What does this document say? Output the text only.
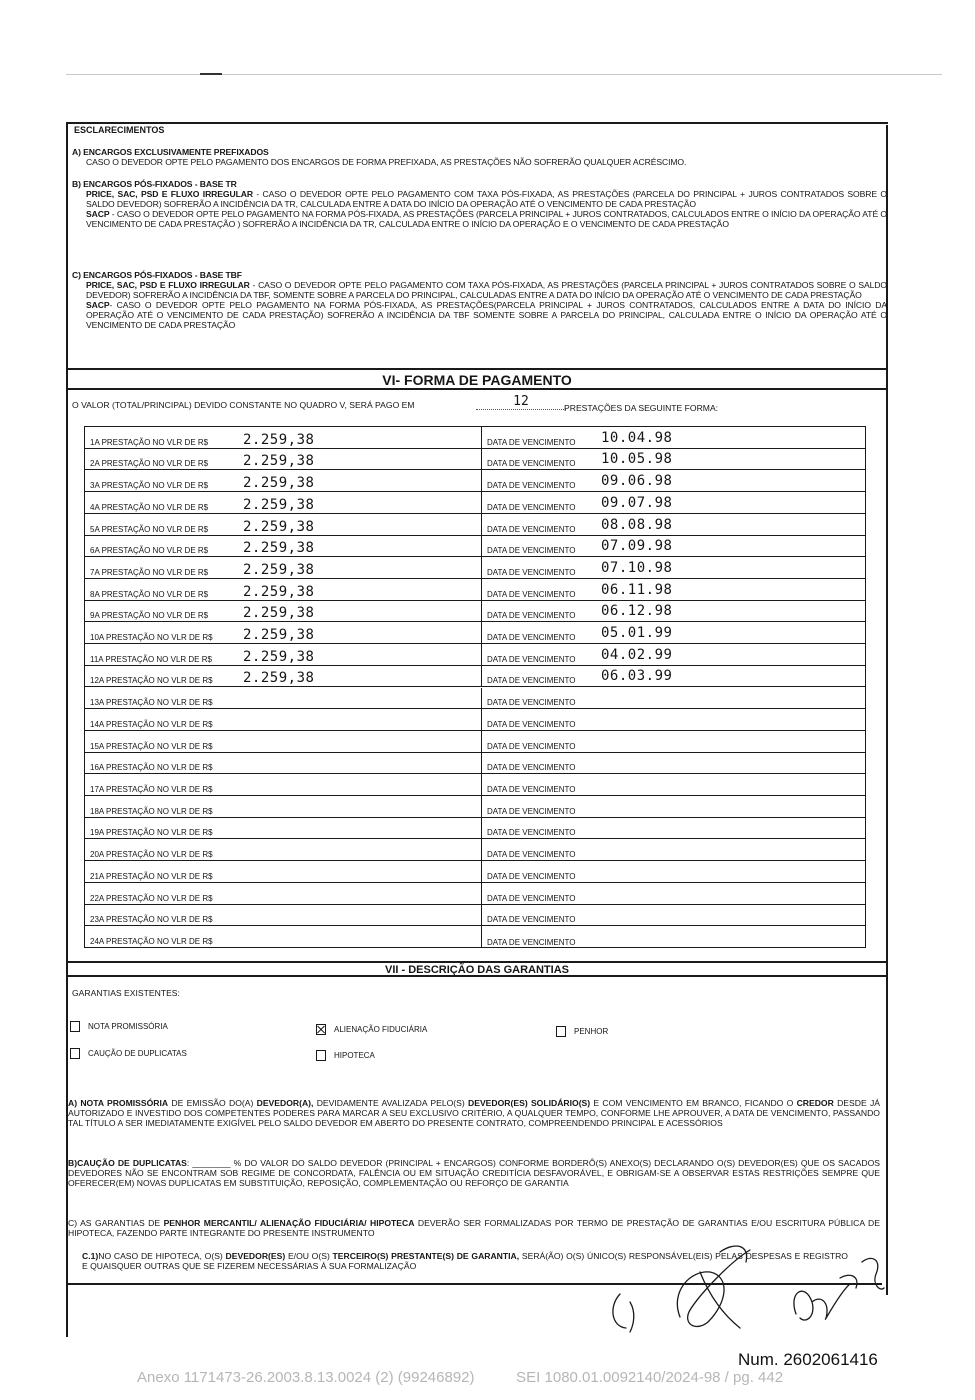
ESCLARECIMENTOS

A) ENCARGOS EXCLUSIVAMENTE PREFIXADOS

CASO O DEVEDOR OPTE PELO PAGAMENTO DOS ENCARGOS DE FORMA PREFIXADA, AS PRESTAÇÕES NÃO SOFRERÃO QUALQUER ACRÉSCIMO.

B) ENCARGOS PÓS-FIXADOS - BASE TR

PRICE, SAC, PSD E FLUXO IRREGULAR - CASO O DEVEDOR OPTE PELO PAGAMENTO COM TAXA PÓS-FIXADA, AS PRESTAÇÕES (PARCELA DO PRINCIPAL + JUROS CONTRATADOS SOBRE O SALDO DEVEDOR) SOFRERÃO A INCIDÊNCIA DA TR, CALCULADA ENTRE A DATA DO INÍCIO DA OPERAÇÃO ATÉ O VENCIMENTO DE CADA PRESTAÇÃO

SACP - CASO O DEVEDOR OPTE PELO PAGAMENTO NA FORMA PÓS-FIXADA, AS PRESTAÇÕES (PARCELA PRINCIPAL + JUROS CONTRATADOS, CALCULADOS ENTRE O INÍCIO DA OPERAÇÃO ATÉ O VENCIMENTO DE CADA PRESTAÇÃO ) SOFRERÃO A INCIDÊNCIA DA TR, CALCULADA ENTRE O INÍCIO DA OPERAÇÃO E O VENCIMENTO DE CADA PRESTAÇÃO

C) ENCARGOS PÓS-FIXADOS - BASE TBF

PRICE, SAC, PSD E FLUXO IRREGULAR - CASO O DEVEDOR OPTE PELO PAGAMENTO COM TAXA PÓS-FIXADA, AS PRESTAÇÕES (PARCELA PRINCIPAL + JUROS CONTRATADOS SOBRE O SALDO DEVEDOR) SOFRERÃO A INCIDÊNCIA DA TBF, SOMENTE SOBRE A PARCELA DO PRINCIPAL, CALCULADAS ENTRE A DATA DO INÍCIO DA OPERAÇÃO ATÉ O VENCIMENTO DE CADA PRESTAÇÃO

SACP- CASO O DEVEDOR OPTE PELO PAGAMENTO NA FORMA PÓS-FIXADA, AS PRESTAÇÕES(PARCELA PRINCIPAL + JUROS CONTRATADOS, CALCULADOS ENTRE A DATA DO INÍCIO DA OPERAÇÃO ATÉ O VENCIMENTO DE CADA PRESTAÇÃO) SOFRERÃO A INCIDÊNCIA DA TBF SOMENTE SOBRE A PARCELA DO PRINCIPAL, CALCULADA ENTRE O INÍCIO DA OPERAÇÃO ATÉ O VENCIMENTO DE CADA PRESTAÇÃO

VI- FORMA DE PAGAMENTO
O VALOR (TOTAL/PRINCIPAL) DEVIDO CONSTANTE NO QUADRO V, SERÁ PAGO EM	12	PRESTAÇÕES DA SEGUINTE FORMA:
1A PRESTAÇÃO NO VLR DE R$ 2.259,38	DATA DE VENCIMENTO 10.04.98
2A PRESTAÇÃO NO VLR DE R$ 2.259,38	DATA DE VENCIMENTO 10.05.98
3A PRESTAÇÃO NO VLR DE R$ 2.259,38	DATA DE VENCIMENTO 09.06.98
4A PRESTAÇÃO NO VLR DE R$ 2.259,38	DATA DE VENCIMENTO 09.07.98
5A PRESTAÇÃO NO VLR DE R$ 2.259,38	DATA DE VENCIMENTO 08.08.98
6A PRESTAÇÃO NO VLR DE R$ 2.259,38	DATA DE VENCIMENTO 07.09.98
7A PRESTAÇÃO NO VLR DE R$ 2.259,38	DATA DE VENCIMENTO 07.10.98
8A PRESTAÇÃO NO VLR DE R$ 2.259,38	DATA DE VENCIMENTO 06.11.98
9A PRESTAÇÃO NO VLR DE R$ 2.259,38	DATA DE VENCIMENTO 06.12.98
10A PRESTAÇÃO NO VLR DE R$ 2.259,38	DATA DE VENCIMENTO 05.01.99
11A PRESTAÇÃO NO VLR DE R$ 2.259,38	DATA DE VENCIMENTO 04.02.99
12A PRESTAÇÃO NO VLR DE R$ 2.259,38	DATA DE VENCIMENTO 06.03.99
13A PRESTAÇÃO NO VLR DE R$	DATA DE VENCIMENTO
14A PRESTAÇÃO NO VLR DE R$	DATA DE VENCIMENTO
15A PRESTAÇÃO NO VLR DE R$	DATA DE VENCIMENTO
16A PRESTAÇÃO NO VLR DE R$	DATA DE VENCIMENTO
17A PRESTAÇÃO NO VLR DE R$	DATA DE VENCIMENTO
18A PRESTAÇÃO NO VLR DE R$	DATA DE VENCIMENTO
19A PRESTAÇÃO NO VLR DE R$	DATA DE VENCIMENTO
20A PRESTAÇÃO NO VLR DE R$	DATA DE VENCIMENTO
21A PRESTAÇÃO NO VLR DE R$	DATA DE VENCIMENTO
22A PRESTAÇÃO NO VLR DE R$	DATA DE VENCIMENTO
23A PRESTAÇÃO NO VLR DE R$	DATA DE VENCIMENTO
24A PRESTAÇÃO NO VLR DE R$	DATA DE VENCIMENTO
VII - DESCRIÇÃO DAS GARANTIAS
GARANTIAS EXISTENTES:
NOTA PROMISSÓRIA	ALIENAÇÃO FIDUCIÁRIA	PENHOR
CAUÇÃO DE DUPLICATAS	HIPOTECA

A) NOTA PROMISSÓRIA DE EMISSÃO DO(A) DEVEDOR(A), DEVIDAMENTE AVALIZADA PELO(S) DEVEDOR(ES) SOLIDÁRIO(S) E COM VENCIMENTO EM BRANCO, FICANDO O CREDOR DESDE JÁ AUTORIZADO E INVESTIDO DOS COMPETENTES PODERES PARA MARCAR A SEU EXCLUSIVO CRITÉRIO, A QUALQUER TEMPO, CONFORME LHE APROUVER, A DATA DE VENCIMENTO, PASSANDO TAL TÍTULO A SER IMEDIATAMENTE EXIGÍVEL PELO SALDO DEVEDOR EM ABERTO DO PRESENTE CONTRATO, COMPREENDENDO PRINCIPAL E ACESSÓRIOS

B)CAUÇÃO DE DUPLICATAS: ________ % DO VALOR DO SALDO DEVEDOR (PRINCIPAL + ENCARGOS) CONFORME BORDERÔ(S) ANEXO(S) DECLARANDO O(S) DEVEDOR(ES) QUE OS SACADOS DEVEDORES NÃO SE ENCONTRAM SOB REGIME DE CONCORDATA, FALÊNCIA OU EM SITUAÇÃO CREDITÍCIA DESFAVORÁVEL, E OBRIGAM-SE A OBSERVAR ESTAS RESTRIÇÕES SEMPRE QUE OFERECER(EM) NOVAS DUPLICATAS EM SUBSTITUIÇÃO, REPOSIÇÃO, COMPLEMENTAÇÃO OU REFORÇO DE GARANTIA

C) AS GARANTIAS DE PENHOR MERCANTIL/ ALIENAÇÃO FIDUCIÁRIA/ HIPOTECA DEVERÃO SER FORMALIZADAS POR TERMO DE PRESTAÇÃO DE GARANTIAS E/OU ESCRITURA PÚBLICA DE HIPOTECA, FAZENDO PARTE INTEGRANTE DO PRESENTE INSTRUMENTO

C.1)NO CASO DE HIPOTECA, O(S) DEVEDOR(ES) E/OU O(S) TERCEIRO(S) PRESTANTE(S) DE GARANTIA, SERÁ(ÃO) O(S) ÚNICO(S) RESPONSÁVEL(EIS) PELAS DESPESAS E REGISTRO E QUAISQUER OUTRAS QUE SE FIZEREM NECESSÁRIAS À SUA FORMALIZAÇÃO

Num. 2602061416
Anexo 1171473-26.2003.8.13.0024 (2) (99246892)          SEI 1080.01.0092140/2024-98 / pg. 442
